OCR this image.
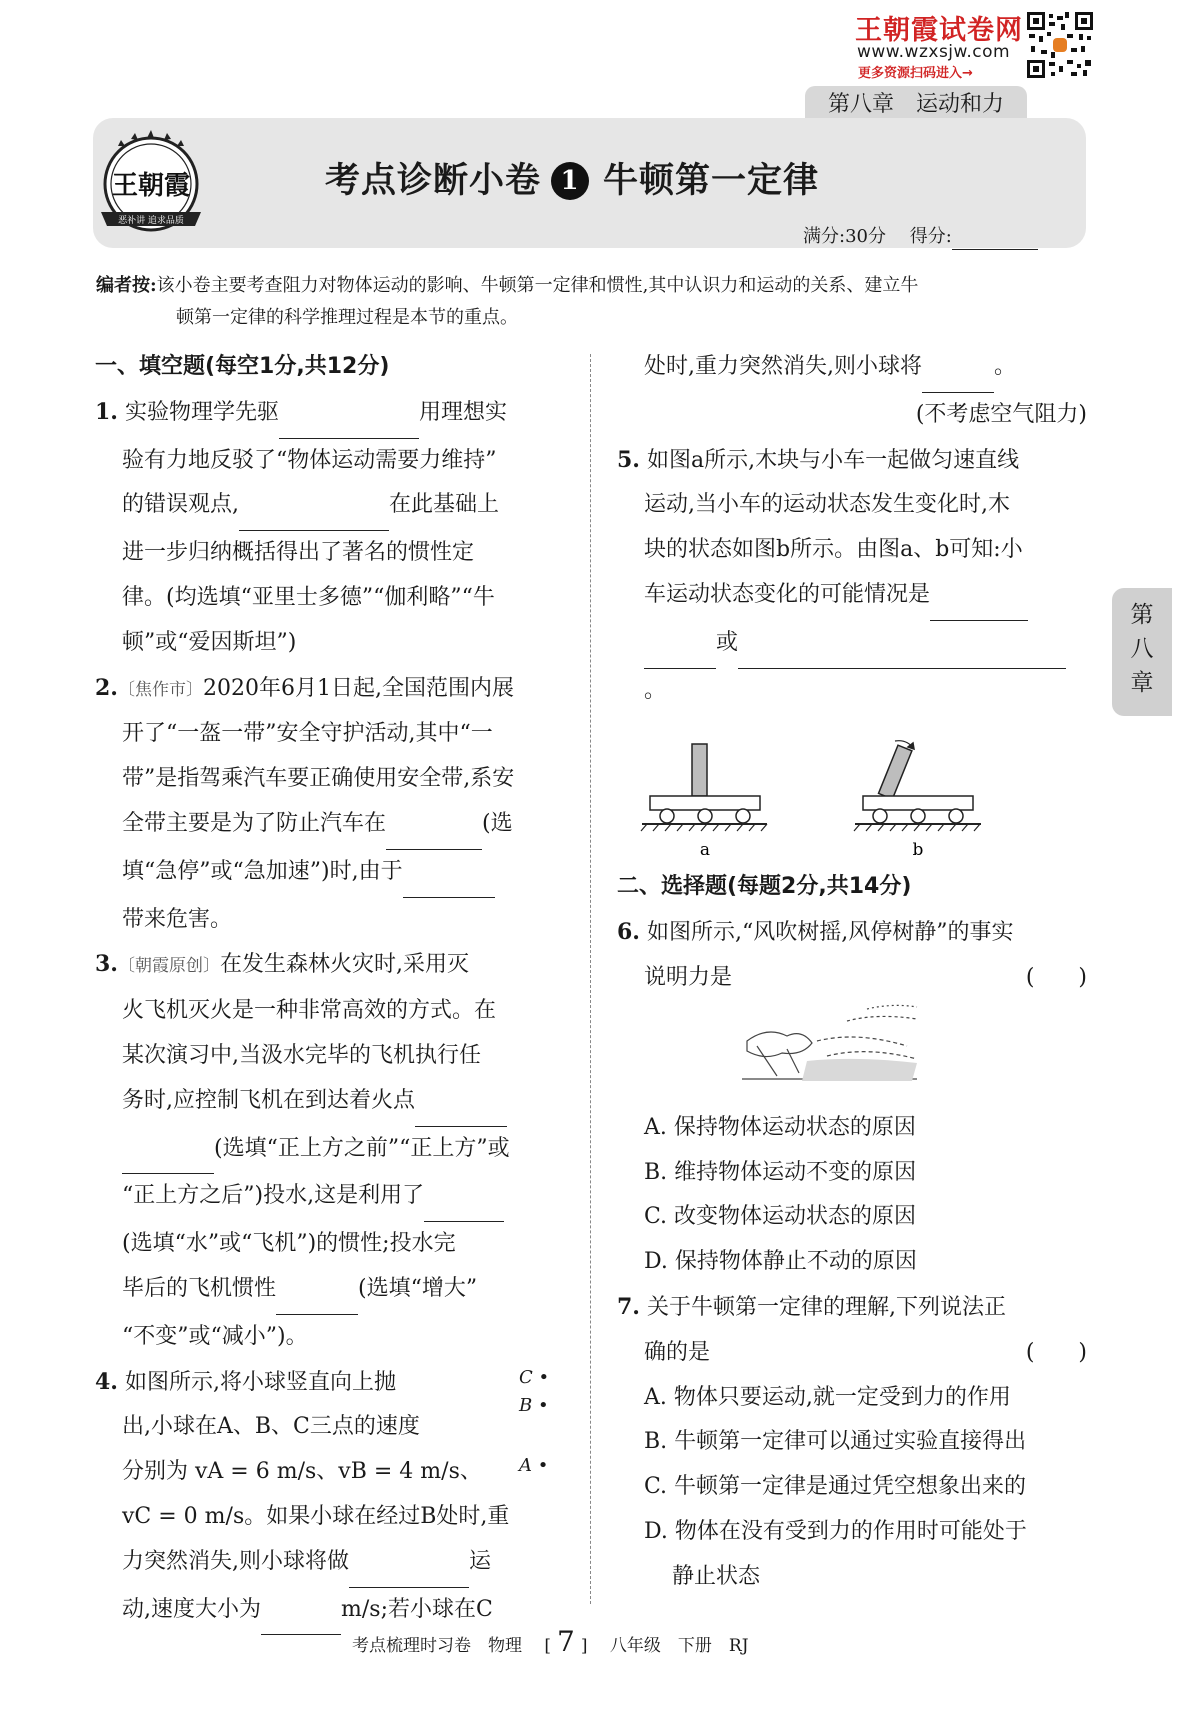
王朝霞试卷网
www.wzxsjw.com
更多资源扫码进入→
第八章　运动和力
王朝霞
恶补讲 追求品质
考点诊断小卷 1 牛顿第一定律
满分:30分　 得分:
编者按:该小卷主要考查阻力对物体运动的影响、牛顿第一定律和惯性,其中认识力和运动的关系、建立牛
顿第一定律的科学推理过程是本节的重点。
一、填空题(每空1分,共12分)
1. 实验物理学先驱	用理想实
验有力地反驳了“物体运动需要力维持”
的错误观点,	在此基础上
进一步归纳概括得出了著名的惯性定
律。(均选填“亚里士多德”“伽利略”“牛
顿”或“爱因斯坦”)
2.〔焦作市〕2020年6月1日起,全国范围内展
开了“一盔一带”安全守护活动,其中“一
带”是指驾乘汽车要正确使用安全带,系安
全带主要是为了防止汽车在	(选
填“急停”或“急加速”)时,由于
带来危害。
3.〔朝霞原创〕在发生森林火灾时,采用灭
火飞机灭火是一种非常高效的方式。在
某次演习中,当汲水完毕的飞机执行任
务时,应控制飞机在到达着火点
(选填“正上方之前”“正上方”或
“正上方之后”)投水,这是利用了
(选填“水”或“飞机”)的惯性;投水完
毕后的飞机惯性	(选填“增大”
“不变”或“减小”)。
4. 如图所示,将小球竖直向上抛
出,小球在A、B、C三点的速度
分别为 vA = 6 m/s、vB = 4 m/s、
vC = 0 m/s。如果小球在经过B处时,重
力突然消失,则小球将做	运
动,速度大小为	m/s;若小球在C
C •
B •
A •
处时,重力突然消失,则小球将	。
(不考虑空气阻力)
5. 如图a所示,木块与小车一起做匀速直线
运动,当小车的运动状态发生变化时,木
块的状态如图b所示。由图a、b可知:小
车运动状态变化的可能情况是
或 。
a	b
二、选择题(每题2分,共14分)
6. 如图所示,“风吹树摇,风停树静”的事实
说明力是	(　　)
A. 保持物体运动状态的原因
B. 维持物体运动不变的原因
C. 改变物体运动状态的原因
D. 保持物体静止不动的原因
7. 关于牛顿第一定律的理解,下列说法正
确的是	(　　)
A. 物体只要运动,就一定受到力的作用
B. 牛顿第一定律可以通过实验直接得出
C. 牛顿第一定律是通过凭空想象出来的
D. 物体在没有受到力的作用时可能处于
静止状态
第
八
章
考点梳理时习卷　物理　 [ 7 ]　 八年级　下册　RJ
